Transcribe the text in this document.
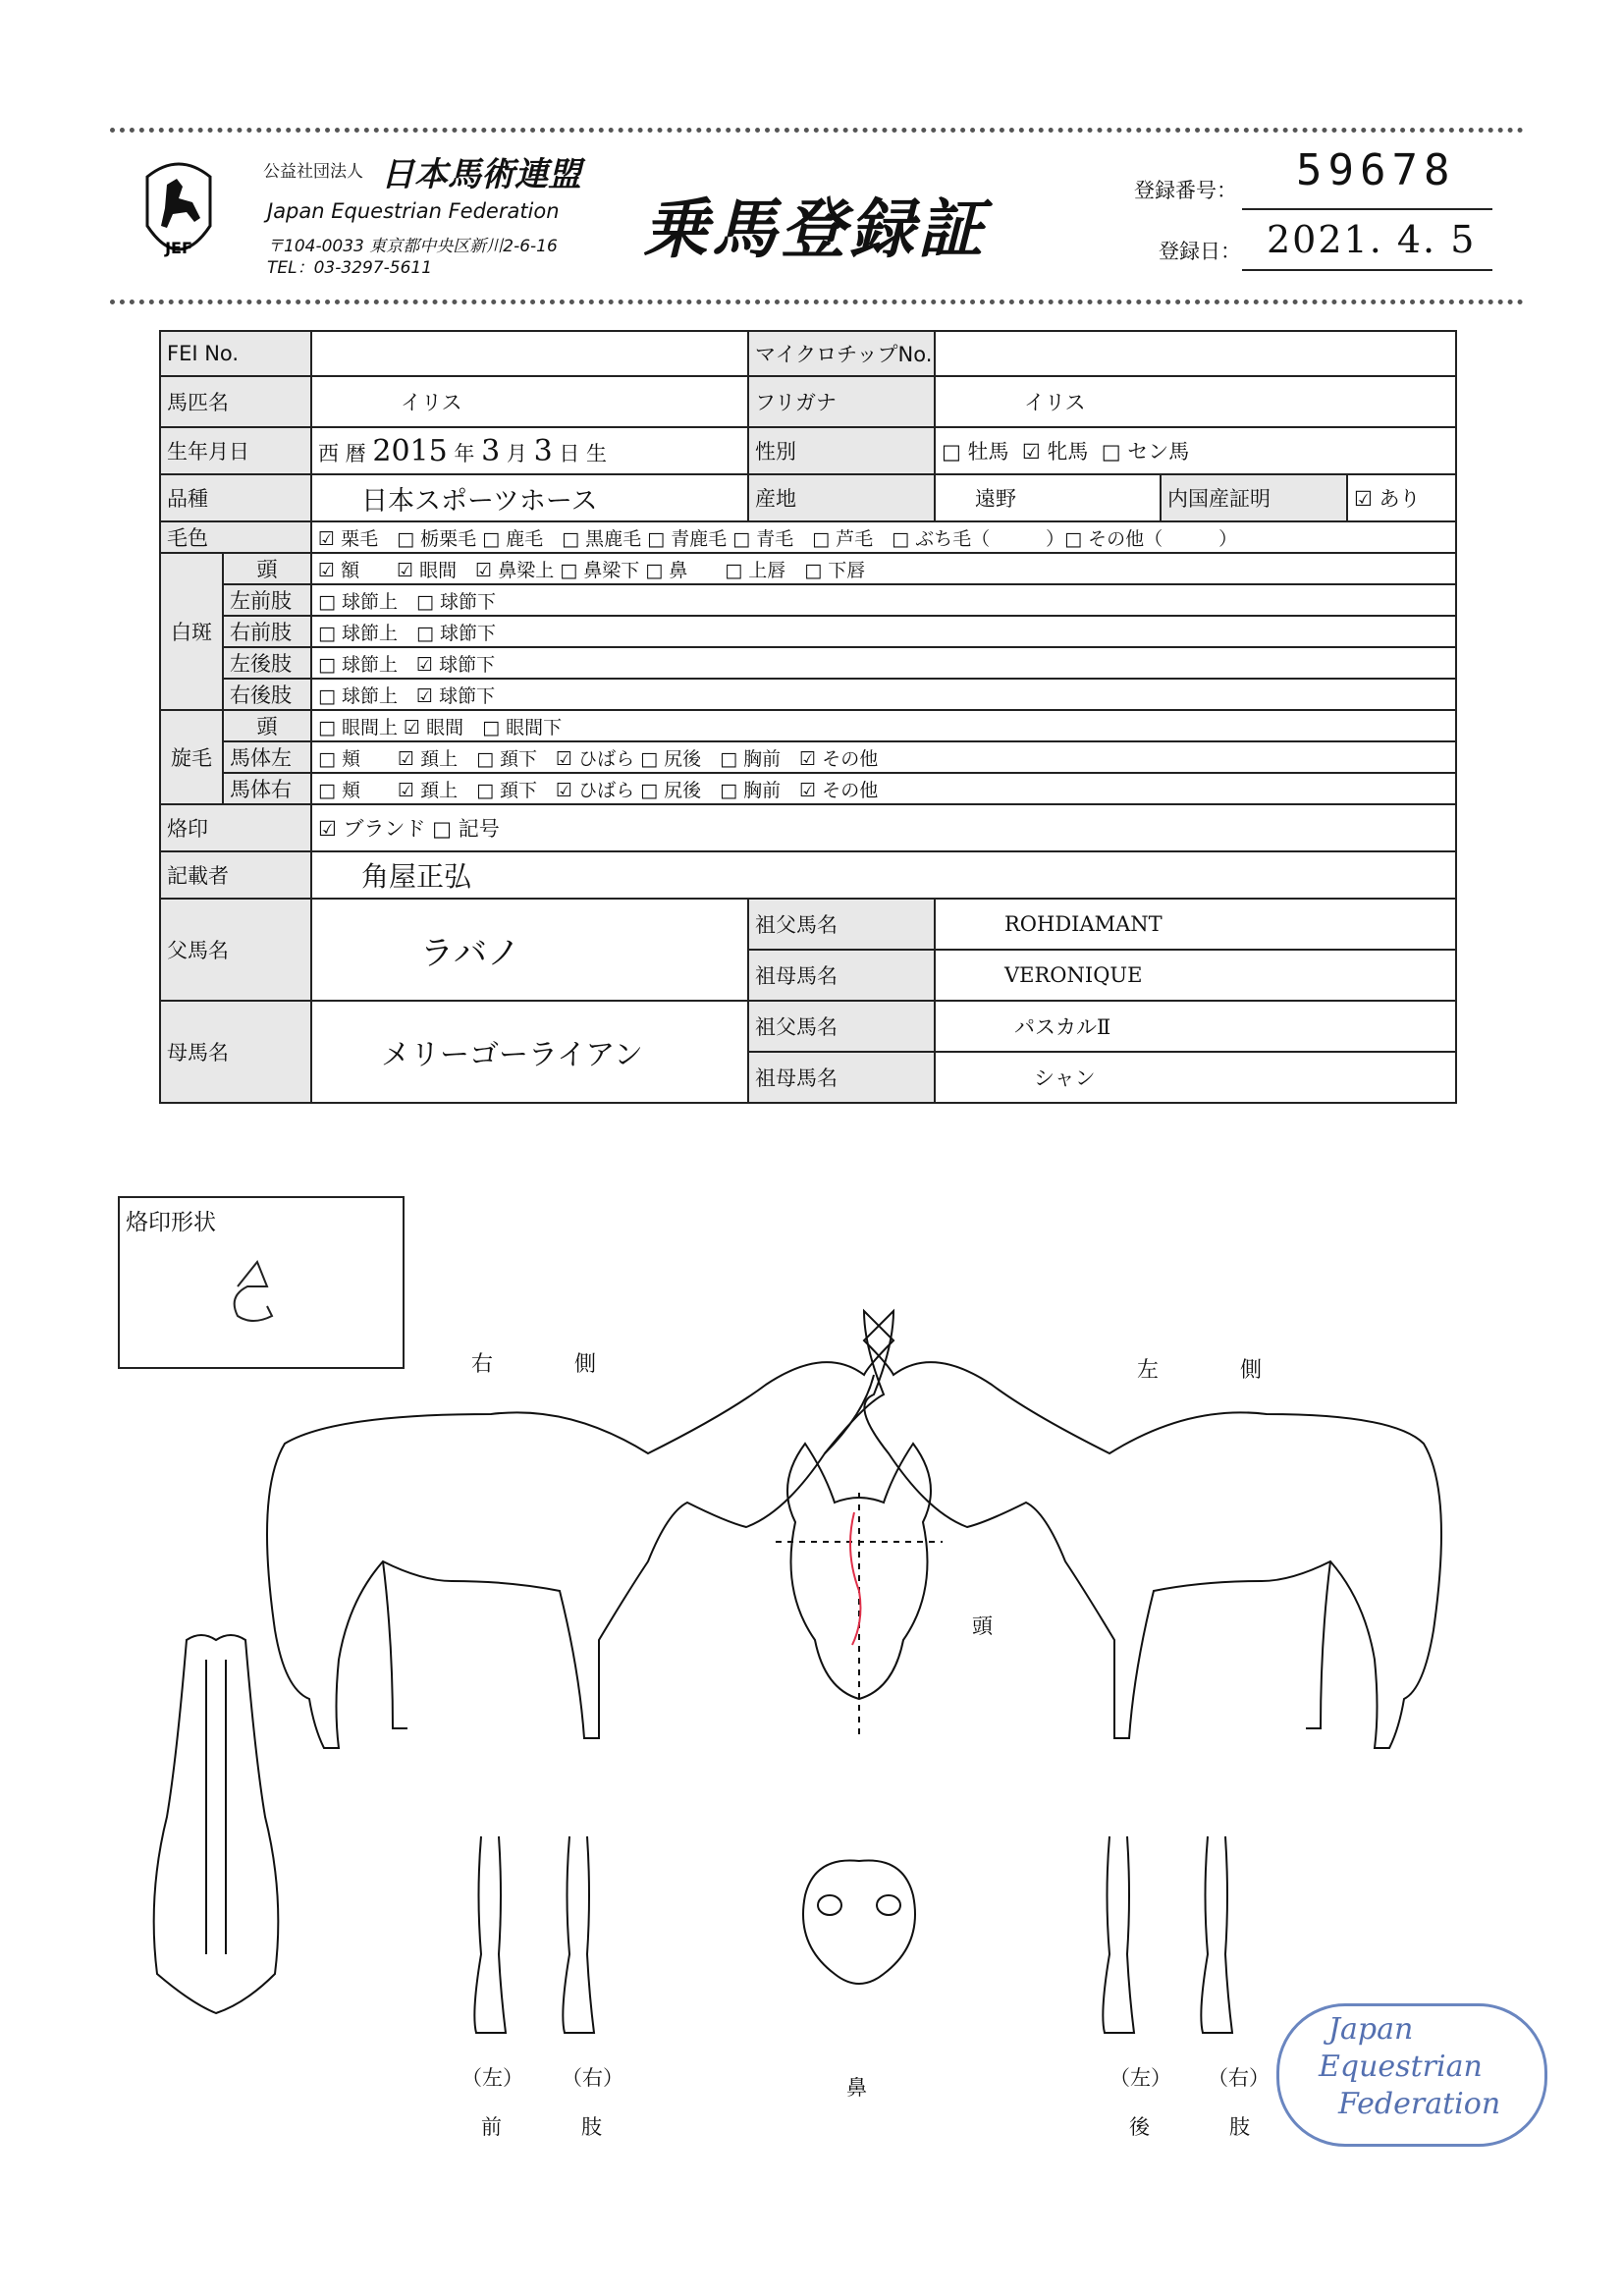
JEF
公益社団法人 日本馬術連盟
Japan Equestrian Federation
〒104-0033 東京都中央区新川2-6-16
TEL：03-3297-5611
乗馬登録証
登録番号： 59678
登録日： 2021. 4. 5
FEI No.			マイクロチップNo.			
馬匹名		イリス	フリガナ	イリス		
生年月日		西 暦 2015 年 3 月 3 日 生	性別	□ 牡馬 ☑ 牝馬 □ セン馬		
品種		日本スポーツホース	産地	遠野	内国産証明	☑ あり
毛色		☑ 栗毛　□ 栃栗毛 □ 鹿毛　□ 黒鹿毛 □ 青鹿毛 □ 青毛　□ 芦毛　□ ぶち毛（　　　）□ その他（　　　）				
白斑	頭	☑ 額　　☑ 眼間　☑ 鼻梁上 □ 鼻梁下 □ 鼻　　□ 上唇　□ 下唇				
	左前肢	□ 球節上　□ 球節下				
	右前肢	□ 球節上　□ 球節下				
	左後肢	□ 球節上　☑ 球節下				
	右後肢	□ 球節上　☑ 球節下				
旋毛	頭	□ 眼間上 ☑ 眼間　□ 眼間下				
	馬体左	□ 頬　　☑ 頚上　□ 頚下　☑ ひばら □ 尻後　□ 胸前　☑ その他				
	馬体右	□ 頬　　☑ 頚上　□ 頚下　☑ ひばら □ 尻後　□ 胸前　☑ その他				
烙印		☑ ブランド □ 記号				
記載者		角屋正弘				
父馬名		ラバノ	祖父馬名	ROHDIAMANT		
			祖母馬名	VERONIQUE		
母馬名		メリーゴーライアン	祖父馬名	パスカルⅡ		
			祖母馬名	シャン		
烙印形状
右 側	左 側
頭
（左） （右）
前　肢
鼻	（左） （右）
後　肢
Japan
Equestrian
Federation
